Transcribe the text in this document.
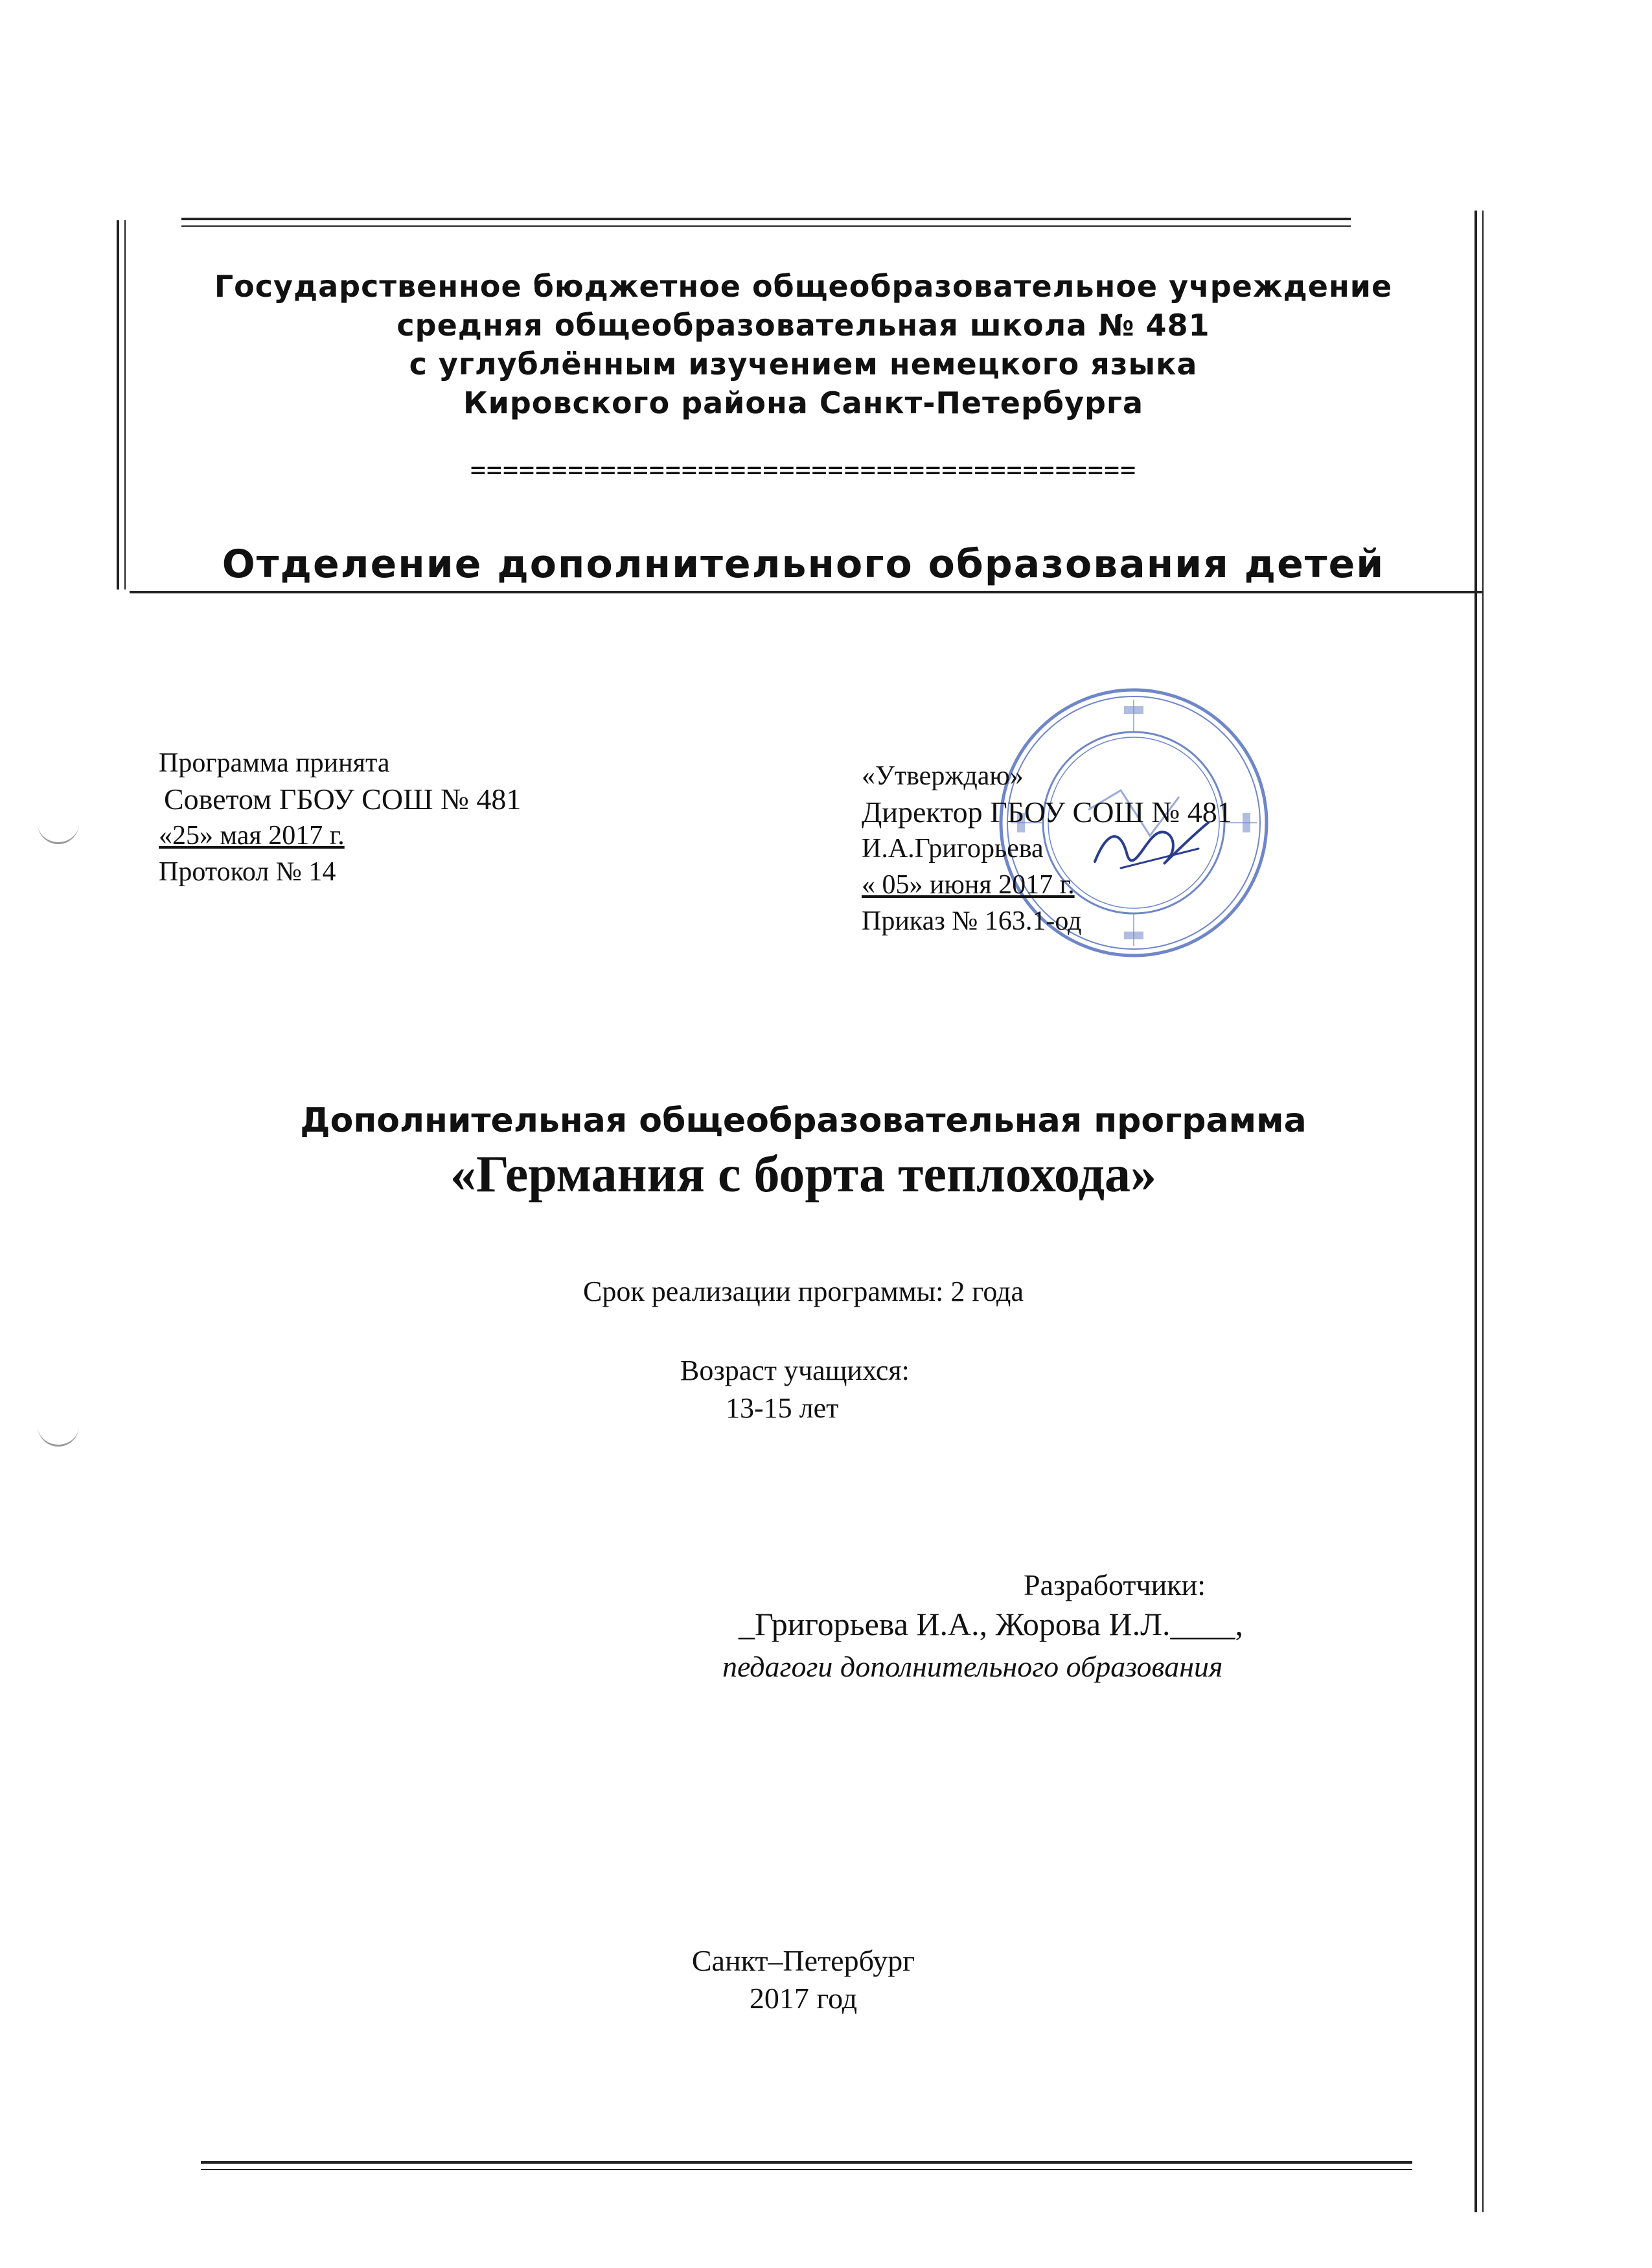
Государственное бюджетное общеобразовательное учреждение
средняя общеобразовательная школа № 481
с углублённым изучением немецкого языка
Кировского района Санкт-Петербурга
=========================================
Отделение дополнительного образования детей
Программа принята
Советом ГБОУ СОШ № 481
«25» мая 2017 г.
Протокол № 14
«Утверждаю»
Директор ГБОУ СОШ № 481
И.А.Григорьева
« 05» июня 2017 г.
Приказ № 163.1-од
Дополнительная общеобразовательная программа
«Германия с борта теплохода»
Срок реализации программы: 2 года
Возраст учащихся:
13-15 лет
Разработчики:
_Григорьева И.А., Жорова И.Л.____,
педагоги дополнительного образования
Санкт–Петербург
2017 год
